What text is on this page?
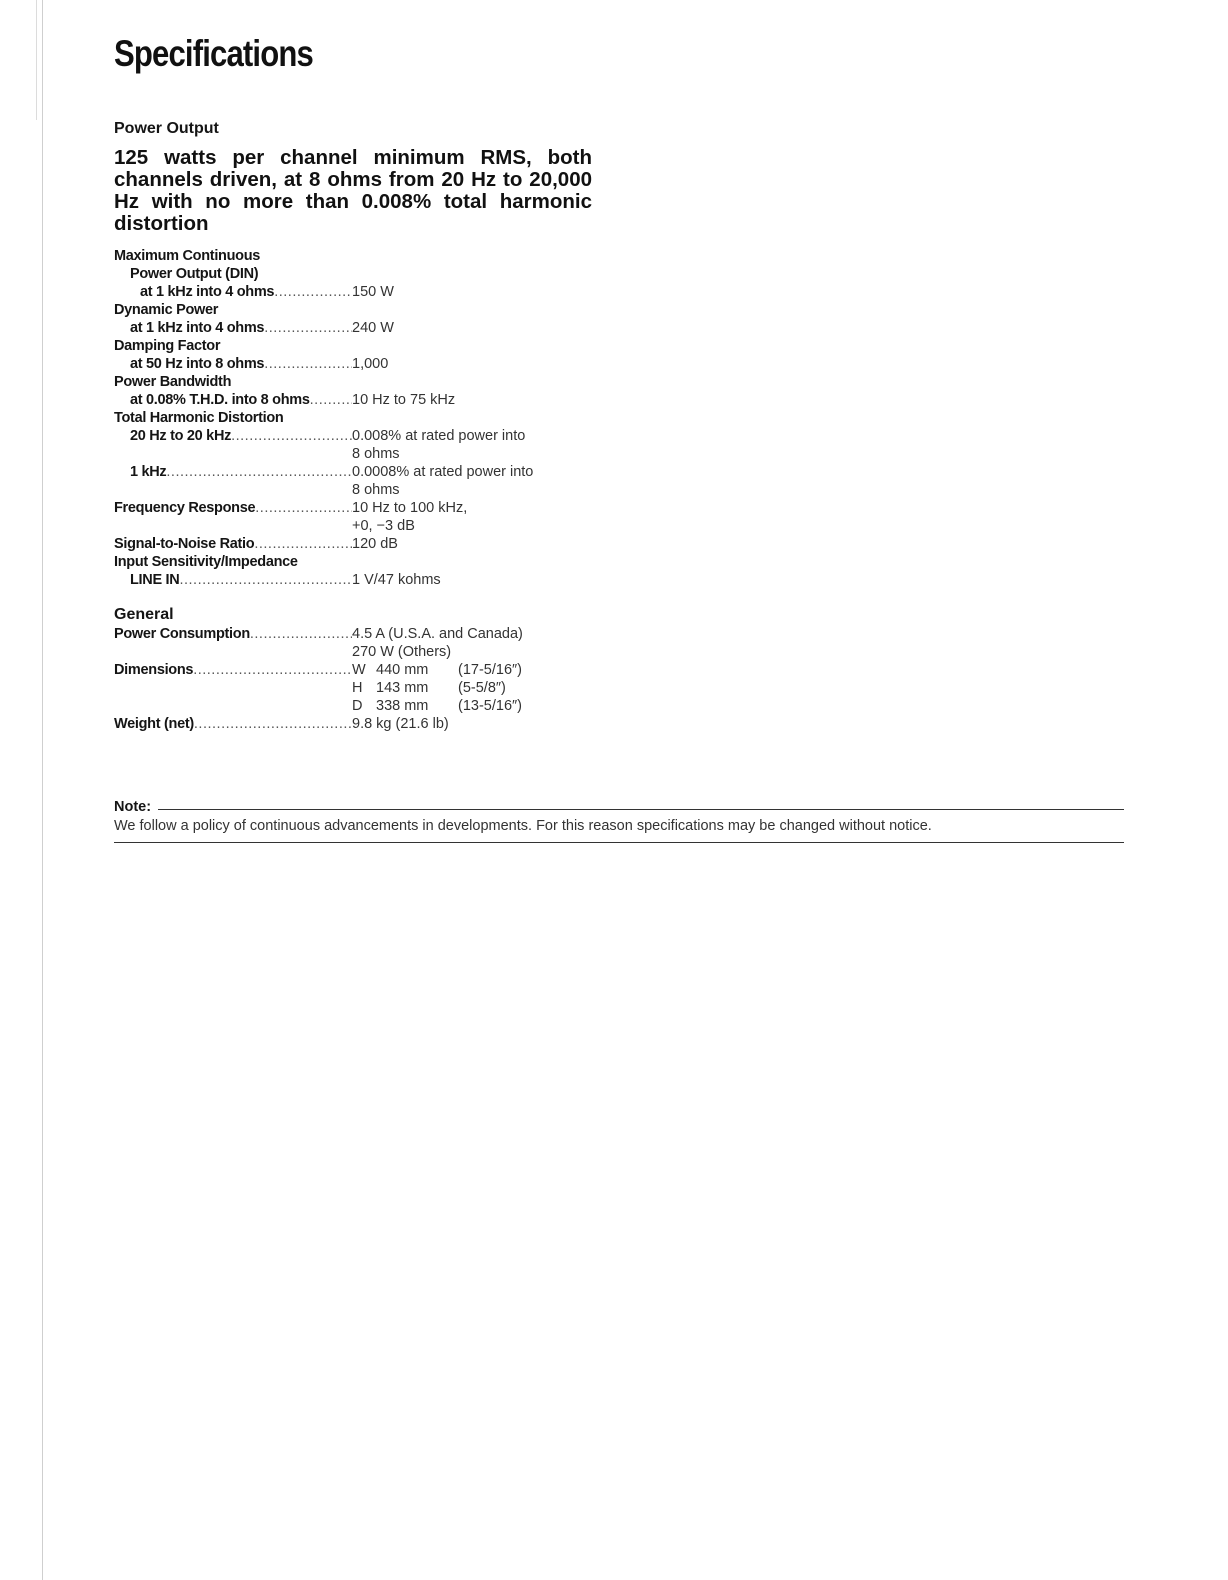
Specifications
Power Output

125 watts per channel minimum RMS, both channels driven, at 8 ohms from 20 Hz to 20,000 Hz with no more than 0.008% total harmonic distortion

Maximum Continuous
Power Output (DIN)
at 1 kHz into 4 ohms .....	150 W
Dynamic Power
at 1 kHz into 4 ohms .....	240 W
Damping Factor
at 50 Hz into 8 ohms .....	1,000
Power Bandwidth
at 0.08% T.H.D. into 8 ohms .....	10 Hz to 75 kHz
Total Harmonic Distortion
20 Hz to 20 kHz .....	0.008% at rated power into
8 ohms
1 kHz .....	0.0008% at rated power into
8 ohms
Frequency Response .....	10 Hz to 100 kHz,
+0, −3 dB
Signal-to-Noise Ratio .....	120 dB
Input Sensitivity/Impedance
LINE IN .....	1 V/47 kohms
General
Power Consumption .....	4.5 A (U.S.A. and Canada)
270 W (Others)
Dimensions .....	W 440 mm (17-5/16″)
H 143 mm (5-5/8″)
D 338 mm (13-5/16″)
Weight (net) .....	9.8 kg (21.6 lb)
Note:
We follow a policy of continuous advancements in developments. For this reason specifications may be changed without notice.
